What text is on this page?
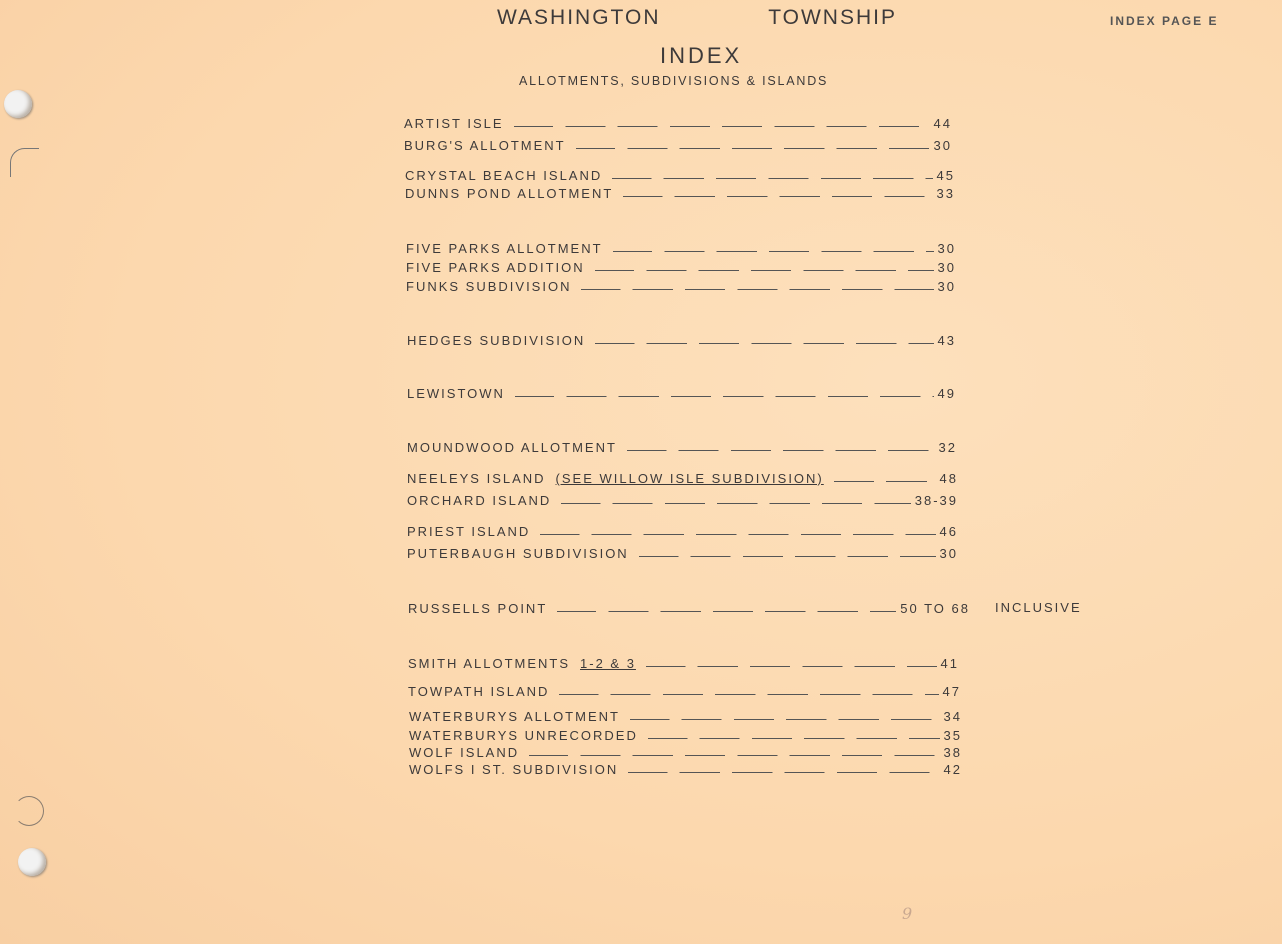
WASHINGTON	TOWNSHIP	INDEX PAGE E
INDEX
ALLOTMENTS, SUBDIVISIONS & ISLANDS
ARTIST ISLE	44
BURG'S ALLOTMENT	30
CRYSTAL BEACH ISLAND	45
DUNNS POND ALLOTMENT	33
FIVE PARKS ALLOTMENT	30
FIVE PARKS ADDITION	30
FUNKS SUBDIVISION	30
HEDGES SUBDIVISION	43
LEWISTOWN	49
MOUNDWOOD ALLOTMENT	32
NEELEYS ISLAND (SEE WILLOW ISLE SUBDIVISION)	48
ORCHARD ISLAND	38-39
PRIEST ISLAND	46
PUTERBAUGH SUBDIVISION	30
RUSSELLS POINT	50 TO 68 INCLUSIVE
SMITH ALLOTMENTS 1-2 & 3	41
TOWPATH ISLAND	47
WATERBURYS ALLOTMENT	34
WATERBURYS UNRECORDED	35
WOLF ISLAND	38
WOLFS I ST. SUBDIVISION	42
9
